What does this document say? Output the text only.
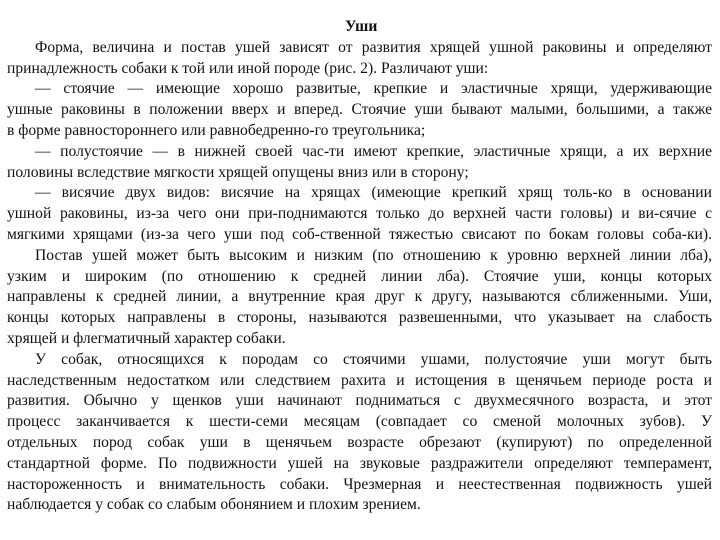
Уши
Форма, величина и постав ушей зависят от развития хрящей ушной раковины и определяют
принадлежность собаки к той или иной породе (рис. 2). Различают уши:
— стоячие — имеющие хорошо развитые, крепкие и эластичные хрящи, удерживающие
ушные раковины в положении вверх и вперед. Стоячие уши бывают малыми, большими, а также
в форме равностороннего или равнобедренно-го треугольника;
— полустоячие — в нижней своей час-ти имеют крепкие, эластичные хрящи, а их верхние
половины вследствие мягкости хрящей опущены вниз или в сторону;
— висячие двух видов: висячие на хрящах (имеющие крепкий хрящ толь-ко в основании
ушной раковины, из-за чего они при-поднимаются только до верхней части головы) и ви-сячие с
мягкими хрящами (из-за чего уши под соб-ственной тяжестью свисают по бокам головы соба-ки).
Постав ушей может быть высоким и низким (по отношению к уровню верхней линии лба),
узким и широким (по отношению к средней линии лба). Стоячие уши, концы которых
направлены к средней линии, а внутренние края друг к другу, называются сближенными. Уши,
концы которых направлены в стороны, называются развешенными, что указывает на слабость
хрящей и флегматичный характер собаки.
У собак, относящихся к породам со стоячими ушами, полустоячие уши могут быть
наследственным недостатком или следствием рахита и истощения в щенячьем периоде роста и
развития. Обычно у щенков уши начинают подниматься с двухмесячного возраста, и этот
процесс заканчивается к шести-семи месяцам (совпадает со сменой молочных зубов). У
отдельных пород собак уши в щенячьем возрасте обрезают (купируют) по определенной
стандартной форме. По подвижности ушей на звуковые раздражители определяют темперамент,
настороженность и внимательность собаки. Чрезмерная и неестественная подвижность ушей
наблюдается у собак со слабым обонянием и плохим зрением.
